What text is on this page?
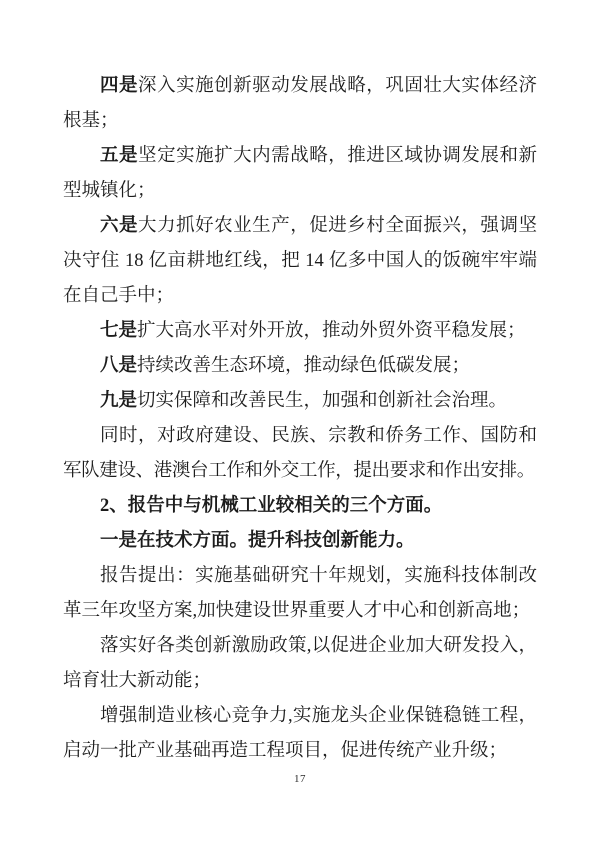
四是深入实施创新驱动发展战略，巩固壮大实体经济
根基；
五是坚定实施扩大内需战略，推进区域协调发展和新
型城镇化；
六是大力抓好农业生产，促进乡村全面振兴，强调坚
决守住 18 亿亩耕地红线，把 14 亿多中国人的饭碗牢牢端
在自己手中；
七是扩大高水平对外开放，推动外贸外资平稳发展；
八是持续改善生态环境，推动绿色低碳发展；
九是切实保障和改善民生，加强和创新社会治理。
同时，对政府建设、民族、宗教和侨务工作、国防和
军队建设、港澳台工作和外交工作，提出要求和作出安排。
2、报告中与机械工业较相关的三个方面。
一是在技术方面。提升科技创新能力。
报告提出：实施基础研究十年规划，实施科技体制改
革三年攻坚方案,加快建设世界重要人才中心和创新高地；
落实好各类创新激励政策,以促进企业加大研发投入，
培育壮大新动能；
增强制造业核心竞争力,实施龙头企业保链稳链工程，
启动一批产业基础再造工程项目，促进传统产业升级；
17
